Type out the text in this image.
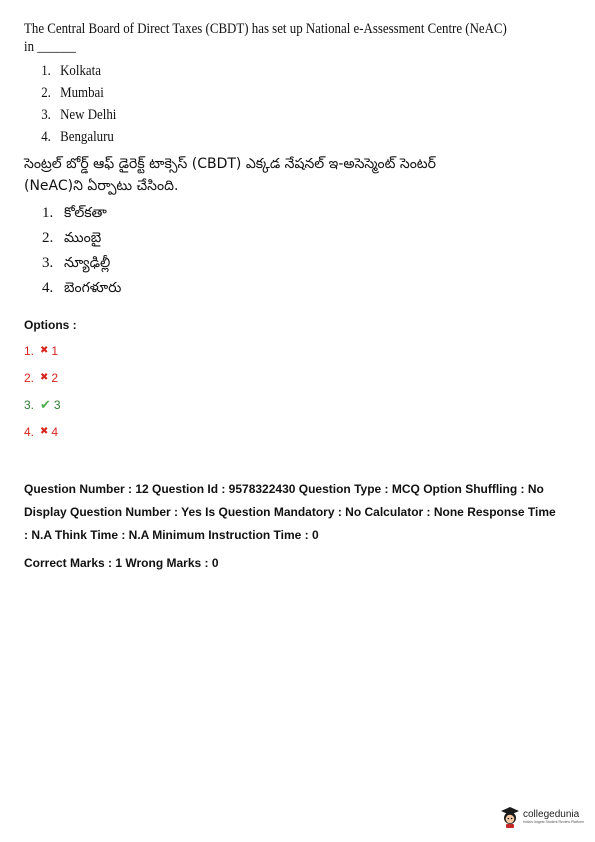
The Central Board of Direct Taxes (CBDT) has set up National e-Assessment Centre (NeAC)
in ______
1. Kolkata
2. Mumbai
3. New Delhi
4. Bengaluru
సెంట్రల్ బోర్డ్ ఆఫ్ డైరెక్ట్ టాక్సెస్ (CBDT) ఎక్కడ నేషనల్ ఇ-అసెస్మెంట్ సెంటర్
(NeAC)ని ఏర్పాటు చేసింది.
1. కోల్‌కతా
2. ముంబై
3. న్యూఢిల్లీ
4. బెంగళూరు
Options :
1. ✖ 1
2. ✖ 2
3. ✔ 3
4. ✖ 4

Question Number : 12 Question Id : 9578322430 Question Type : MCQ Option Shuffling : No
Display Question Number : Yes Is Question Mandatory : No Calculator : None Response Time
: N.A Think Time : N.A Minimum Instruction Time : 0

Correct Marks : 1 Wrong Marks : 0

collegedunia
India's largest Student Review Platform
